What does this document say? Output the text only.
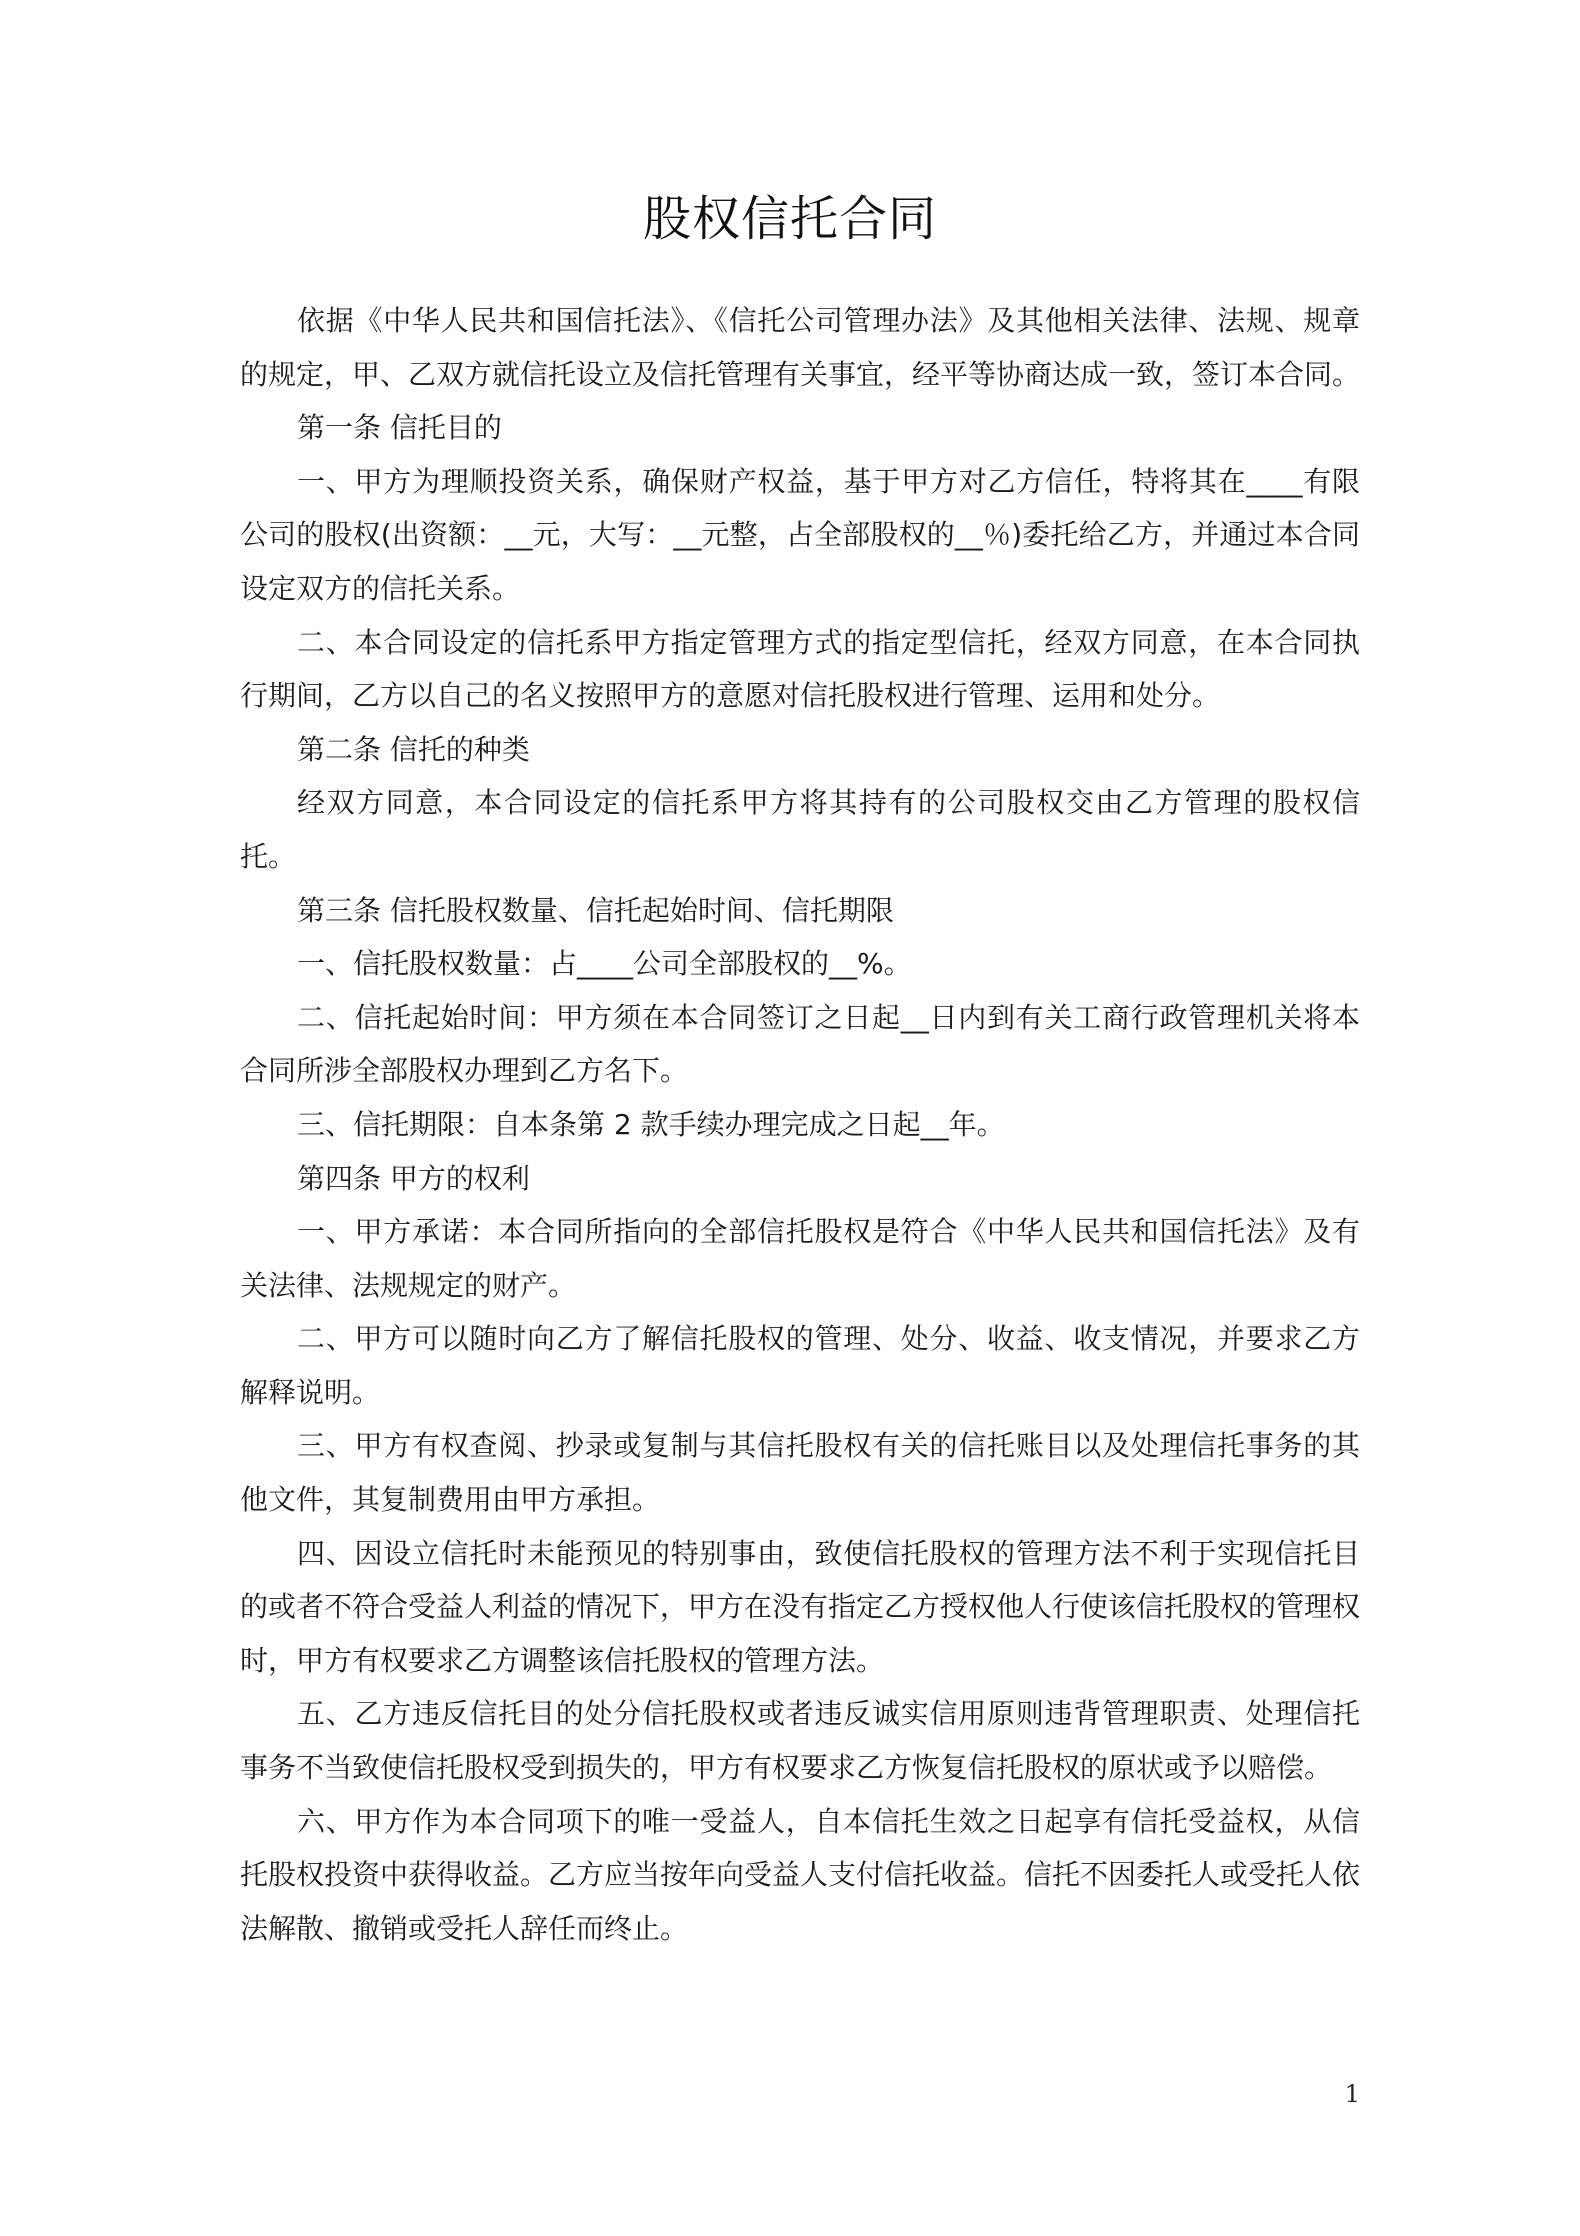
股权信托合同

依据《中华人民共和国信托法》、《信托公司管理办法》及其他相关法律、法规、规章的规定，甲、乙双方就信托设立及信托管理有关事宜，经平等协商达成一致，签订本合同。

第一条 信托目的

一、甲方为理顺投资关系，确保财产权益，基于甲方对乙方信任，特将其在____有限公司的股权(出资额：__元，大写：__元整，占全部股权的__％)委托给乙方，并通过本合同设定双方的信托关系。

二、本合同设定的信托系甲方指定管理方式的指定型信托，经双方同意，在本合同执行期间，乙方以自己的名义按照甲方的意愿对信托股权进行管理、运用和处分。

第二条 信托的种类

经双方同意，本合同设定的信托系甲方将其持有的公司股权交由乙方管理的股权信托。

第三条 信托股权数量、信托起始时间、信托期限

一、信托股权数量：占____公司全部股权的__%。

二、信托起始时间：甲方须在本合同签订之日起__日内到有关工商行政管理机关将本合同所涉全部股权办理到乙方名下。

三、信托期限：自本条第 2 款手续办理完成之日起__年。

第四条 甲方的权利

一、甲方承诺：本合同所指向的全部信托股权是符合《中华人民共和国信托法》及有关法律、法规规定的财产。

二、甲方可以随时向乙方了解信托股权的管理、处分、收益、收支情况，并要求乙方解释说明。

三、甲方有权查阅、抄录或复制与其信托股权有关的信托账目以及处理信托事务的其他文件，其复制费用由甲方承担。

四、因设立信托时未能预见的特别事由，致使信托股权的管理方法不利于实现信托目的或者不符合受益人利益的情况下，甲方在没有指定乙方授权他人行使该信托股权的管理权时，甲方有权要求乙方调整该信托股权的管理方法。

五、乙方违反信托目的处分信托股权或者违反诚实信用原则违背管理职责、处理信托事务不当致使信托股权受到损失的，甲方有权要求乙方恢复信托股权的原状或予以赔偿。

六、甲方作为本合同项下的唯一受益人，自本信托生效之日起享有信托受益权，从信托股权投资中获得收益。乙方应当按年向受益人支付信托收益。信托不因委托人或受托人依法解散、撤销或受托人辞任而终止。

1
